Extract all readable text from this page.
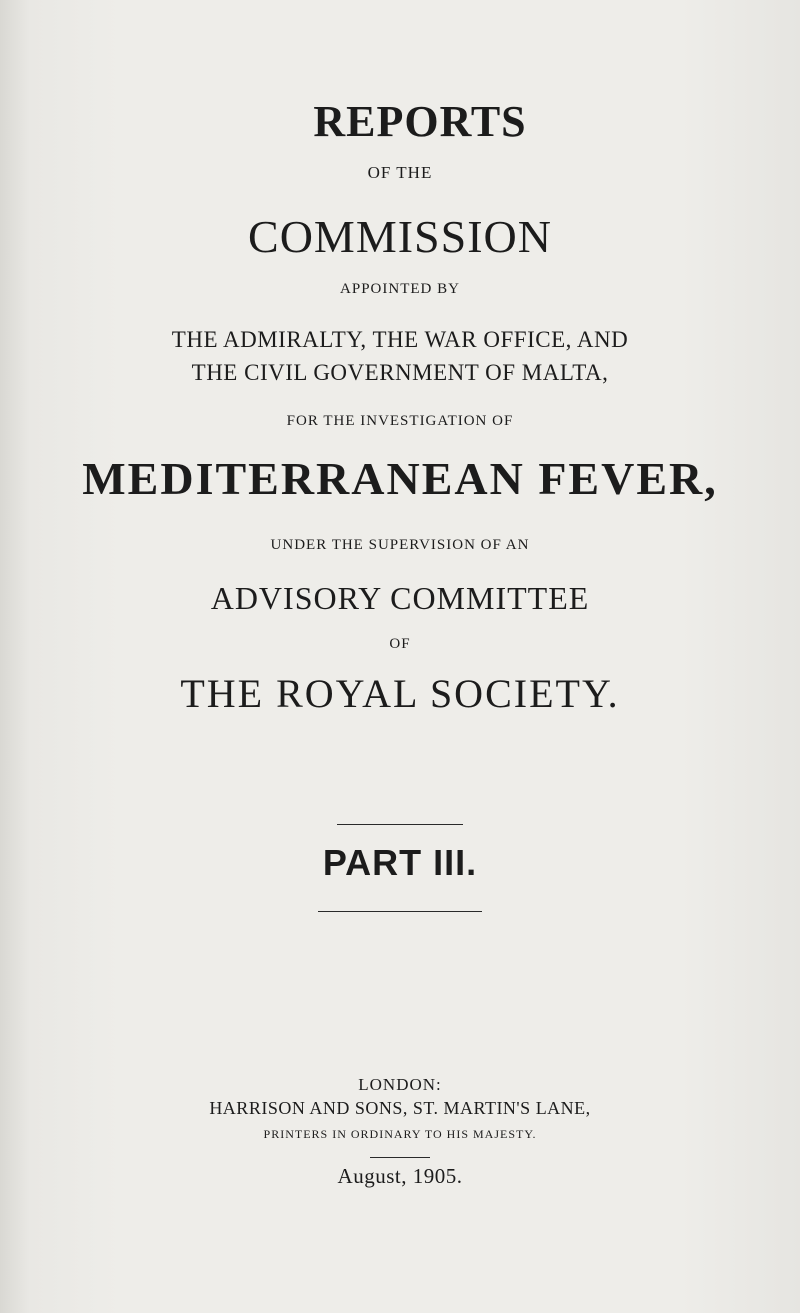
REPORTS
OF THE
COMMISSION
APPOINTED BY
THE ADMIRALTY, THE WAR OFFICE, AND
THE CIVIL GOVERNMENT OF MALTA,
FOR THE INVESTIGATION OF
MEDITERRANEAN FEVER,
UNDER THE SUPERVISION OF AN
ADVISORY COMMITTEE
OF
THE ROYAL SOCIETY.
PART III.
LONDON:
HARRISON AND SONS, ST. MARTIN'S LANE,
PRINTERS IN ORDINARY TO HIS MAJESTY.
August, 1905.
